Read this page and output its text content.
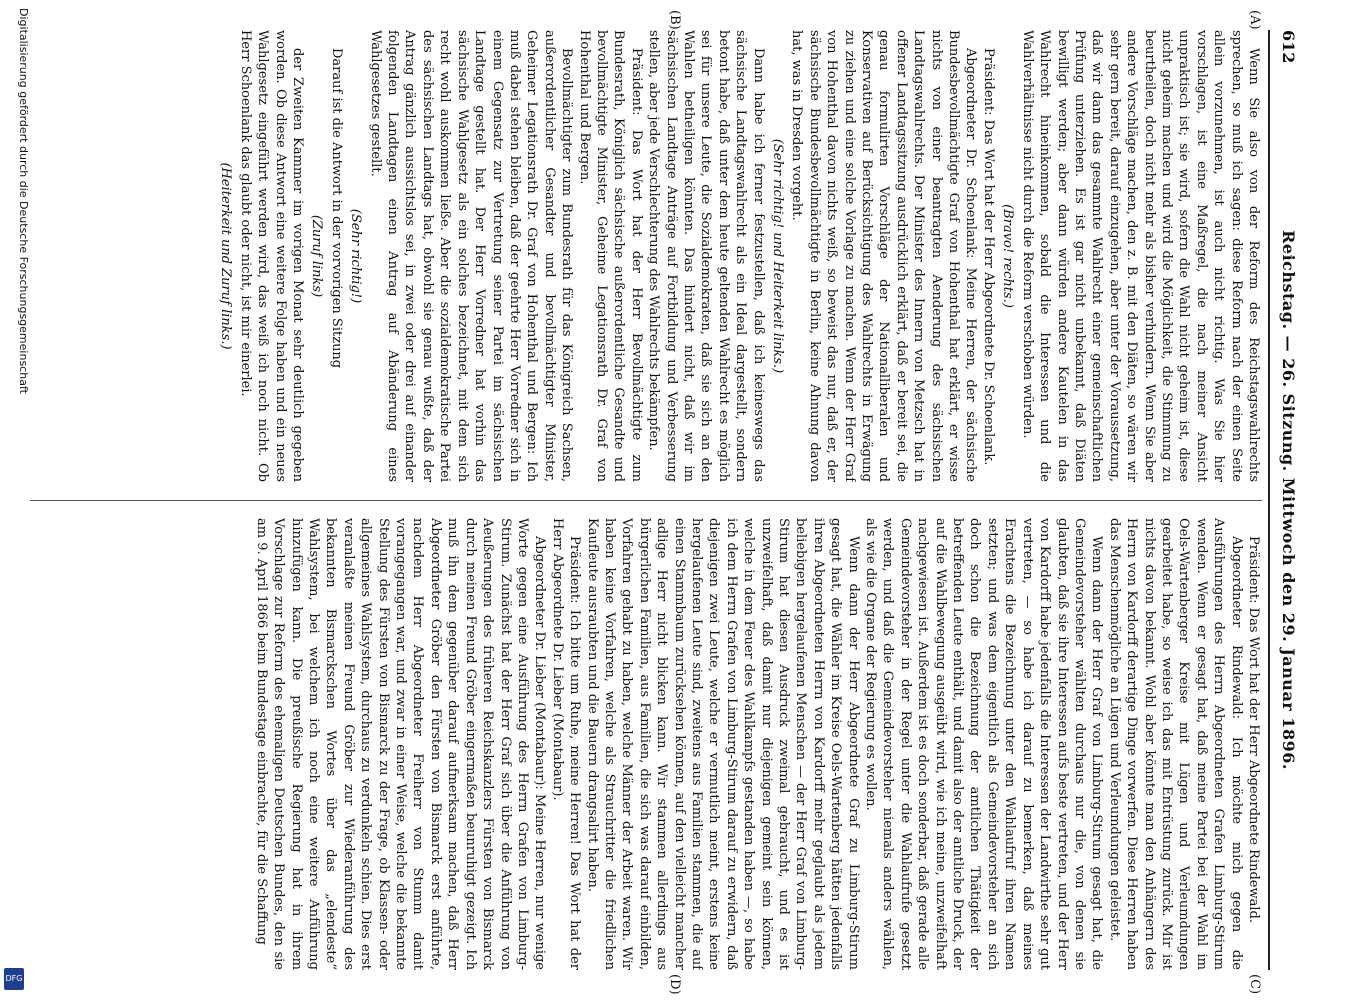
612
Reichstag. — 26. Sitzung. Mittwoch den 29. Januar 1896.
(A)
(B)
(C)
(D)

Wenn Sie also von der Reform des Reichstagswahlrechts sprechen, so muß ich sagen: diese Reform nach der einen Seite allein vorzunehmen, ist auch nicht richtig. Was Sie hier vorschlagen, ist eine Maßregel, die nach meiner Ansicht unpraktisch ist; sie wird, sofern die Wahl nicht geheim ist, diese nicht geheim machen und wird die Möglichkeit, die Stimmung zu beurtheilen, doch nicht mehr als bisher verhindern. Wenn Sie aber andere Vorschläge machen, den z. B. mit den Diäten, so wären wir sehr gern bereit, darauf einzugehen, aber unter der Voraussetzung, daß wir dann das gesammte Wahlrecht einer gemeinschaftlichen Prüfung unterziehen. Es ist gar nicht unbekannt, daß Diäten bewilligt werden; aber dann würden andere Kautelen in das Wahlrecht hineinkommen, sobald die Interessen und die Wahlverhältnisse nicht durch die Reform verschoben würden.

(Bravo! rechts.)

Präsident: Das Wort hat der Herr Abgeordnete Dr. Schoenlank.

Abgeordneter Dr. Schoenlank: Meine Herren, der sächsische Bundesbevollmächtigte Graf von Hohenthal hat erklärt, er wisse nichts von einer beantragten Aenderung des sächsischen Landtagswahlrechts. Der Minister des Innern von Metzsch hat in offener Landtagssitzung ausdrücklich erklärt, daß er bereit sei, die genau formulirten Vorschläge der Nationalliberalen und Konservativen auf Berücksichtigung des Wahlrechts in Erwägung zu ziehen und eine solche Vorlage zu machen. Wenn der Herr Graf von Hohenthal davon nichts weiß, so beweist das nur, daß er, der sächsische Bundesbevollmächtigte in Berlin, keine Ahnung davon hat, was in Dresden vorgeht.

(Sehr richtig! und Heiterkeit links.)

Dann habe ich ferner festzustellen, daß ich keineswegs das sächsische Landtagswahlrecht als ein Ideal dargestellt, sondern betont habe, daß unter dem heute geltenden Wahlrecht es möglich sei für unsere Leute, die Sozialdemokraten, daß sie sich an den Wahlen betheiligen könnten. Das hindert nicht, daß wir im sächsischen Landtage Anträge auf Fortbildung und Verbesserung stellen, aber jede Verschlechterung des Wahlrechts bekämpfen.

Präsident: Das Wort hat der Herr Bevollmächtigte zum Bundesrath, Königlich sächsische außerordentliche Gesandte und bevollmächtigte Minister, Geheime Legationsrath Dr. Graf von Hohenthal und Bergen.

Bevollmächtigter zum Bundesrath für das Königreich Sachsen, außerordentlicher Gesandter und bevollmächtigter Minister, Geheimer Legationsrath Dr. Graf von Hohenthal und Bergen: Ich muß dabei stehen bleiben, daß der geehrte Herr Vorredner sich in einem Gegensatz zur Vertretung seiner Partei im sächsischen Landtage gestellt hat. Der Herr Vorredner hat vorhin das sächsische Wahlgesetz als ein solches bezeichnet, mit dem sich recht wohl auskommen ließe. Aber die sozialdemokratische Partei des sächsischen Landtags hat, obwohl sie genau wußte, daß der Antrag gänzlich aussichtslos sei, in zwei oder drei auf einander folgenden Landtagen einen Antrag auf Abänderung eines Wahlgesetzes gestellt.

(Sehr richtig!)

Darauf ist die Antwort in der vorvorigen Sitzung

(Zuruf links)

der Zweiten Kammer im vorigen Monat sehr deutlich gegeben worden. Ob diese Antwort eine weitere Folge haben und ein neues Wahlgesetz eingeführt werden wird, das weiß ich noch nicht. Ob Herr Schoenlank das glaubt oder nicht, ist mir einerlei.

(Heiterkeit und Zuruf links.)

Präsident: Das Wort hat der Herr Abgeordnete Rindewald.

Abgeordneter Rindewald: Ich möchte mich gegen die Ausführungen des Herrn Abgeordneten Grafen Limburg-Stirum wenden. Wenn er gesagt hat, daß meine Partei bei der Wahl im Oels-Wartenberger Kreise mit Lügen und Verleumdungen gearbeitet habe, so weise ich das mit Entrüstung zurück. Mir ist nichts davon bekannt. Wohl aber könnte man den Anhängern des Herrn von Kardorff derartige Dinge vorwerfen. Diese Herren haben das Menschenmögliche an Lügen und Verleumdungen geleistet.

Wenn dann der Herr Graf von Limburg-Stirum gesagt hat, die Gemeindevorsteher wählten durchaus nur die, von denen sie glaubten, daß sie ihre Interessen aufs beste vertreten, und der Herr von Kardorff habe jedenfalls die Interessen der Landwirthe sehr gut vertreten, — so habe ich darauf zu bemerken, daß meines Erachtens die Bezeichnung unter den Wahlaufruf ihren Namen setzten; und was dem eigentlich als Gemeindevorsteher an sich doch schon die Bezeichnung der amtlichen Thätigkeit der betreffenden Leute enthält, und damit also der amtliche Druck, der auf die Wahlbewegung ausgeübt wird, wie ich meine, unzweifelhaft nachgewiesen ist. Außerdem ist es doch sonderbar, daß gerade alle Gemeindevorsteher in der Regel unter die Wahlaufrufe gesetzt werden, und daß die Gemeindevorsteher niemals anders wählen, als wie die Organe der Regierung es wollen.

Wenn dann der Herr Abgeordnete Graf zu Limburg-Stirum gesagt hat, die Wähler im Kreise Oels-Wartenberg hätten jedenfalls ihren Abgeordneten Herrn von Kardorff mehr geglaubt als jedem beliebigen hergelaufenen Menschen — der Herr Graf von Limburg-Stirum hat diesen Ausdruck zweimal gebraucht, und es ist unzweifelhaft, daß damit nur diejenigen gemeint sein können, welche in dem Feuer des Wahlkampfs gestanden haben —, so habe ich dem Herrn Grafen von Limburg-Stirum darauf zu erwidern, daß diejenigen zwei Leute, welche er vermutlich meint, erstens keine hergelaufenen Leute sind, zweitens aus Familien stammen, die auf einen Stammbaum zurücksehen können, auf den vielleicht mancher adlige Herr nicht blicken kann. Wir stammen allerdings aus bürgerlichen Familien, aus Familien, die sich was darauf einbilden, Vorfahren gehabt zu haben, welche Männer der Arbeit waren. Wir haben keine Vorfahren, welche als Strauchritter die friedlichen Kaufleute ausraubten und die Bauern drangsalirt haben.

Präsident: Ich bitte um Ruhe, meine Herren! Das Wort hat der Herr Abgeordnete Dr. Lieber (Montabaur).

Abgeordneter Dr. Lieber (Montabaur): Meine Herren, nur wenige Worte gegen eine Ausführung des Herrn Grafen von Limburg-Stirum. Zunächst hat der Herr Graf sich über die Anführung von Aeußerungen des früheren Reichskanzlers Fürsten von Bismarck durch meinen Freund Gröber eingermaßen beunruhigt gezeigt. Ich muß ihn dem gegenüber darauf aufmerksam machen, daß Herr Abgeordneter Gröber den Fürsten von Bismarck erst anführte, nachdem Herr Abgeordneter Freiherr von Stumm damit vorangegangen war, und zwar in einer Weise, welche die bekannte Stellung des Fürsten von Bismarck zu der Frage, ob Klassen- oder allgemeines Wahlsystem, durchaus zu verdunkeln schien. Dies erst veranlaßte meinen Freund Gröber zur Wiederanführung des bekannten Bismarckschen Wortes über das „elendeste“ Wahlsystem, bei welchem ich noch eine weitere Anführung hinzufügen kann. Die preußische Regierung hat in ihrem Vorschlage zur Reform des ehemaligen Deutschen Bundes, den sie am 9. April 1866 beim Bundestage einbrachte, für die Schaffung

Digitalisierung gefördert durch die Deutsche Forschungsgemeinschaft
DFG
